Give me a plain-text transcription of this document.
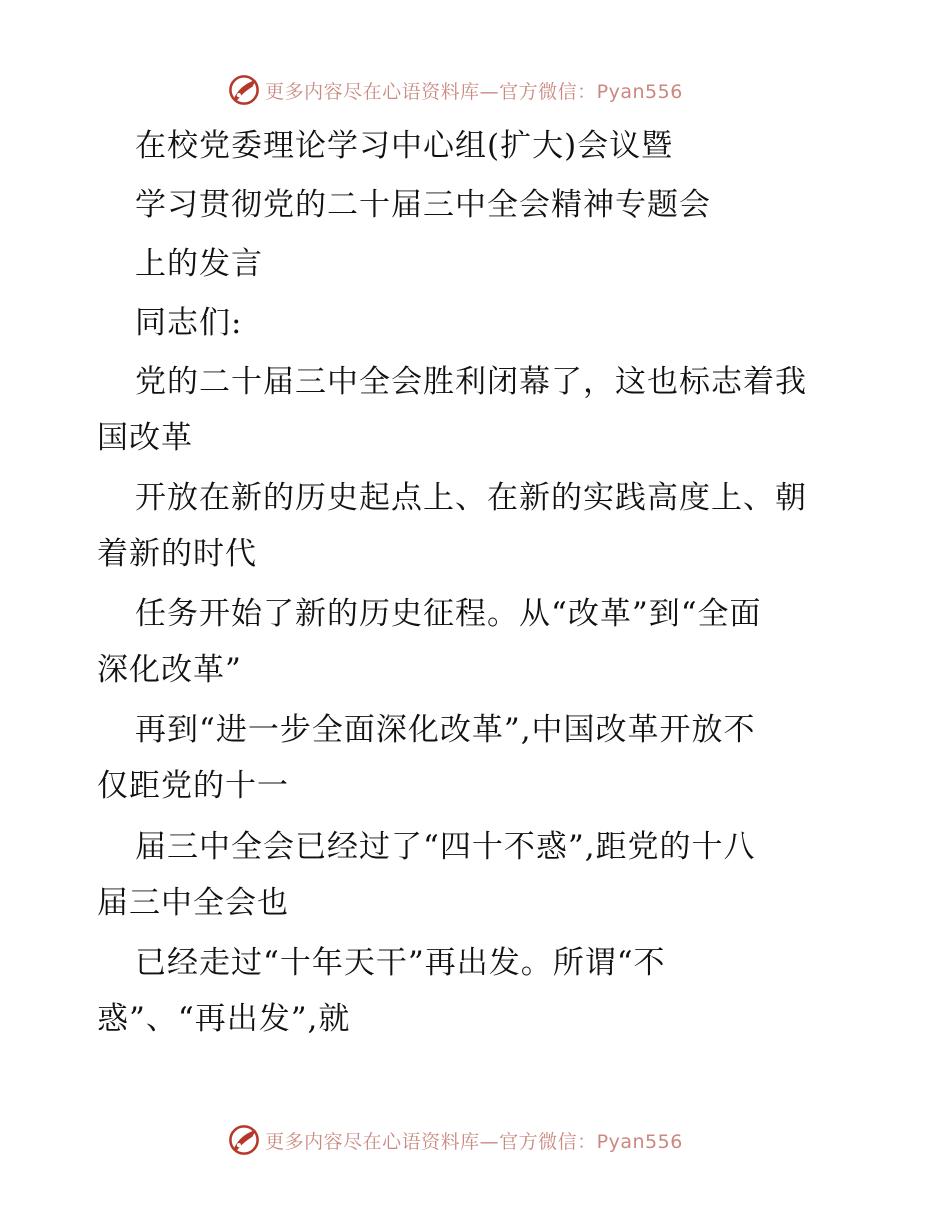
更多内容尽在心语资料库—官方微信：Pyan556
在校党委理论学习中心组(扩大)会议暨
学习贯彻党的二十届三中全会精神专题会
上的发言
同志们:
党的二十届三中全会胜利闭幕了，这也标志着我
国改革
开放在新的历史起点上、在新的实践高度上、朝
着新的时代
任务开始了新的历史征程。从“改革”到“全面
深化改革”
再到“进一步全面深化改革”,中国改革开放不
仅距党的十一
届三中全会已经过了“四十不惑”,距党的十八
届三中全会也
已经走过“十年天干”再出发。所谓“不
惑”、“再出发”,就
更多内容尽在心语资料库—官方微信：Pyan556
